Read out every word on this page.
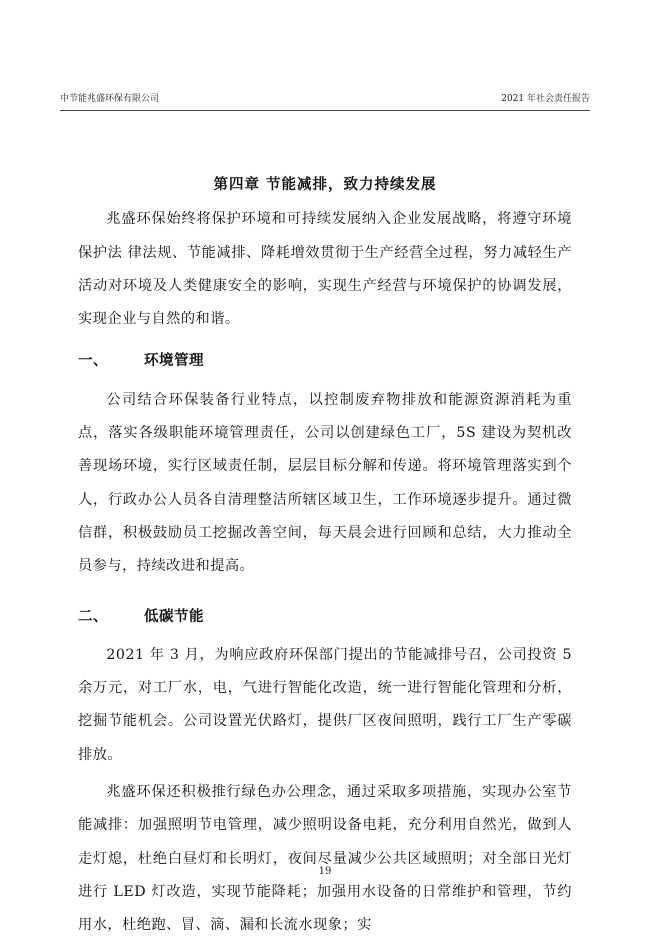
中节能兆盛环保有限公司	2021 年社会责任报告

第四章 节能减排，致力持续发展

兆盛环保始终将保护环境和可持续发展纳入企业发展战略，将遵守环境保护法 律法规、节能减排、降耗增效贯彻于生产经营全过程，努力减轻生产活动对环境及人类健康安全的影响，实现生产经营与环境保护的协调发展，实现企业与自然的和谐。

一、 环境管理

公司结合环保装备行业特点，以控制废弃物排放和能源资源消耗为重点，落实各级职能环境管理责任，公司以创建绿色工厂，5S 建设为契机改善现场环境，实行区域责任制，层层目标分解和传递。将环境管理落实到个人，行政办公人员各自清理整洁所辖区域卫生，工作环境逐步提升。通过微信群，积极鼓励员工挖掘改善空间，每天晨会进行回顾和总结，大力推动全员参与，持续改进和提高。

二、 低碳节能

2021 年 3 月，为响应政府环保部门提出的节能减排号召，公司投资 5 余万元，对工厂水，电，气进行智能化改造，统一进行智能化管理和分析，挖掘节能机会。公司设置光伏路灯，提供厂区夜间照明，践行工厂生产零碳排放。

兆盛环保还积极推行绿色办公理念，通过采取多项措施，实现办公室节能减排：加强照明节电管理，减少照明设备电耗，充分利用自然光，做到人走灯熄，杜绝白昼灯和长明灯，夜间尽量减少公共区域照明；对全部日光灯进行 LED 灯改造，实现节能降耗；加强用水设备的日常维护和管理，节约用水，杜绝跑、冒、滴、漏和长流水现象；实

19
